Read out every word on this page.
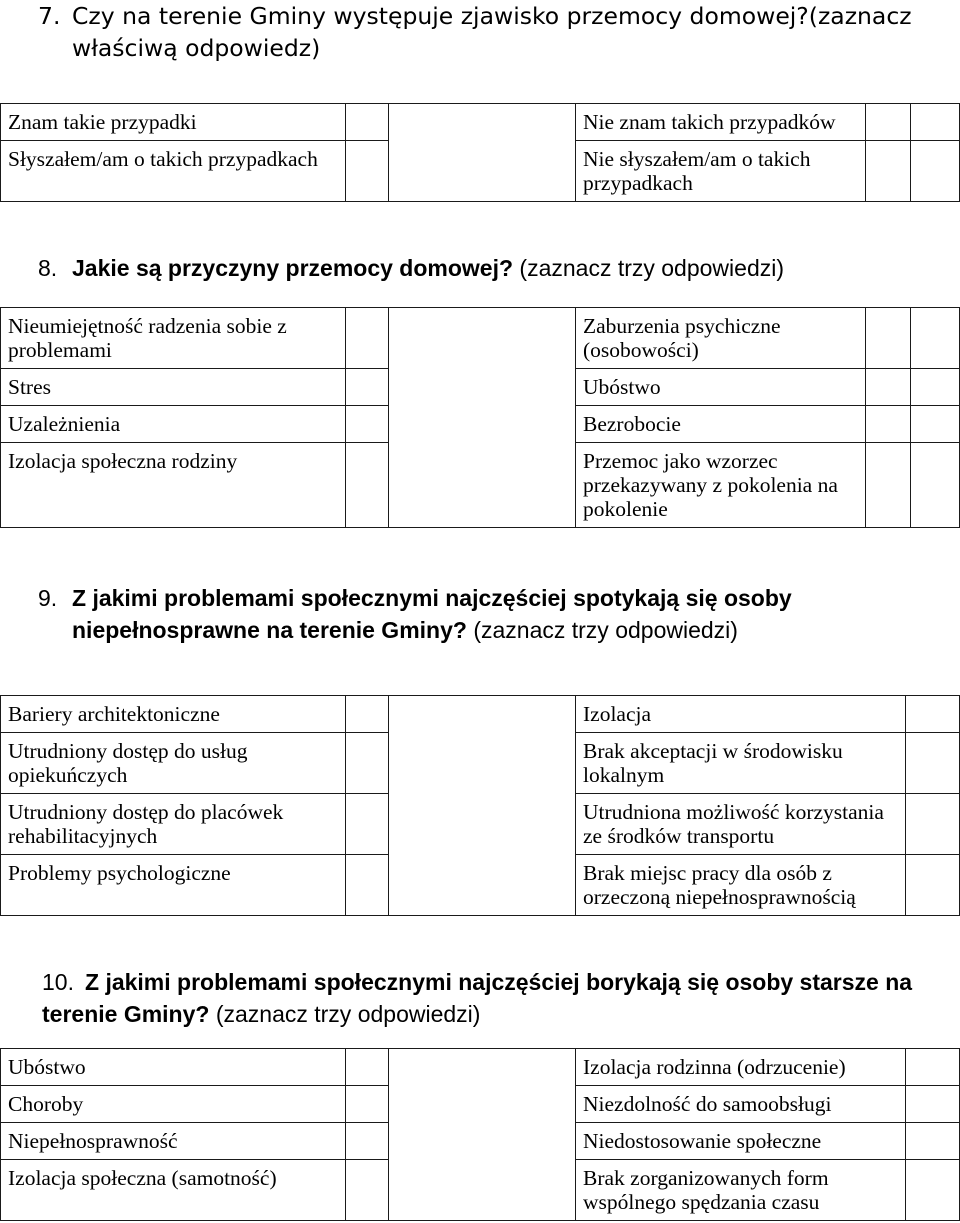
7. Czy na terenie Gminy występuje zjawisko przemocy domowej?(zaznacz
właściwą odpowiedz)
Znam takie przypadki			Nie znam takich przypadków		
Słyszałem/am o takich przypadkach			Nie słyszałem/am o takich przypadkach		
8. Jakie są przyczyny przemocy domowej? (zaznacz trzy odpowiedzi)
Nieumiejętność radzenia sobie z problemami			Zaburzenia psychiczne (osobowości)		
Stres			Ubóstwo		
Uzależnienia			Bezrobocie		
Izolacja społeczna rodziny			Przemoc jako wzorzec przekazywany z pokolenia na pokolenie		
9. Z jakimi problemami społecznymi najczęściej spotykają się osoby
niepełnosprawne na terenie Gminy? (zaznacz trzy odpowiedzi)
Bariery architektoniczne			Izolacja	
Utrudniony dostęp do usług opiekuńczych			Brak akceptacji w środowisku lokalnym	
Utrudniony dostęp do placówek rehabilitacyjnych			Utrudniona możliwość korzystania ze środków transportu	
Problemy psychologiczne			Brak miejsc pracy dla osób z orzeczoną niepełnosprawnością	
10. Z jakimi problemami społecznymi najczęściej borykają się osoby starsze na
terenie Gminy? (zaznacz trzy odpowiedzi)
Ubóstwo			Izolacja rodzinna (odrzucenie)	
Choroby			Niezdolność do samoobsługi	
Niepełnosprawność			Niedostosowanie społeczne	
Izolacja społeczna (samotność)			Brak zorganizowanych form wspólnego spędzania czasu	
